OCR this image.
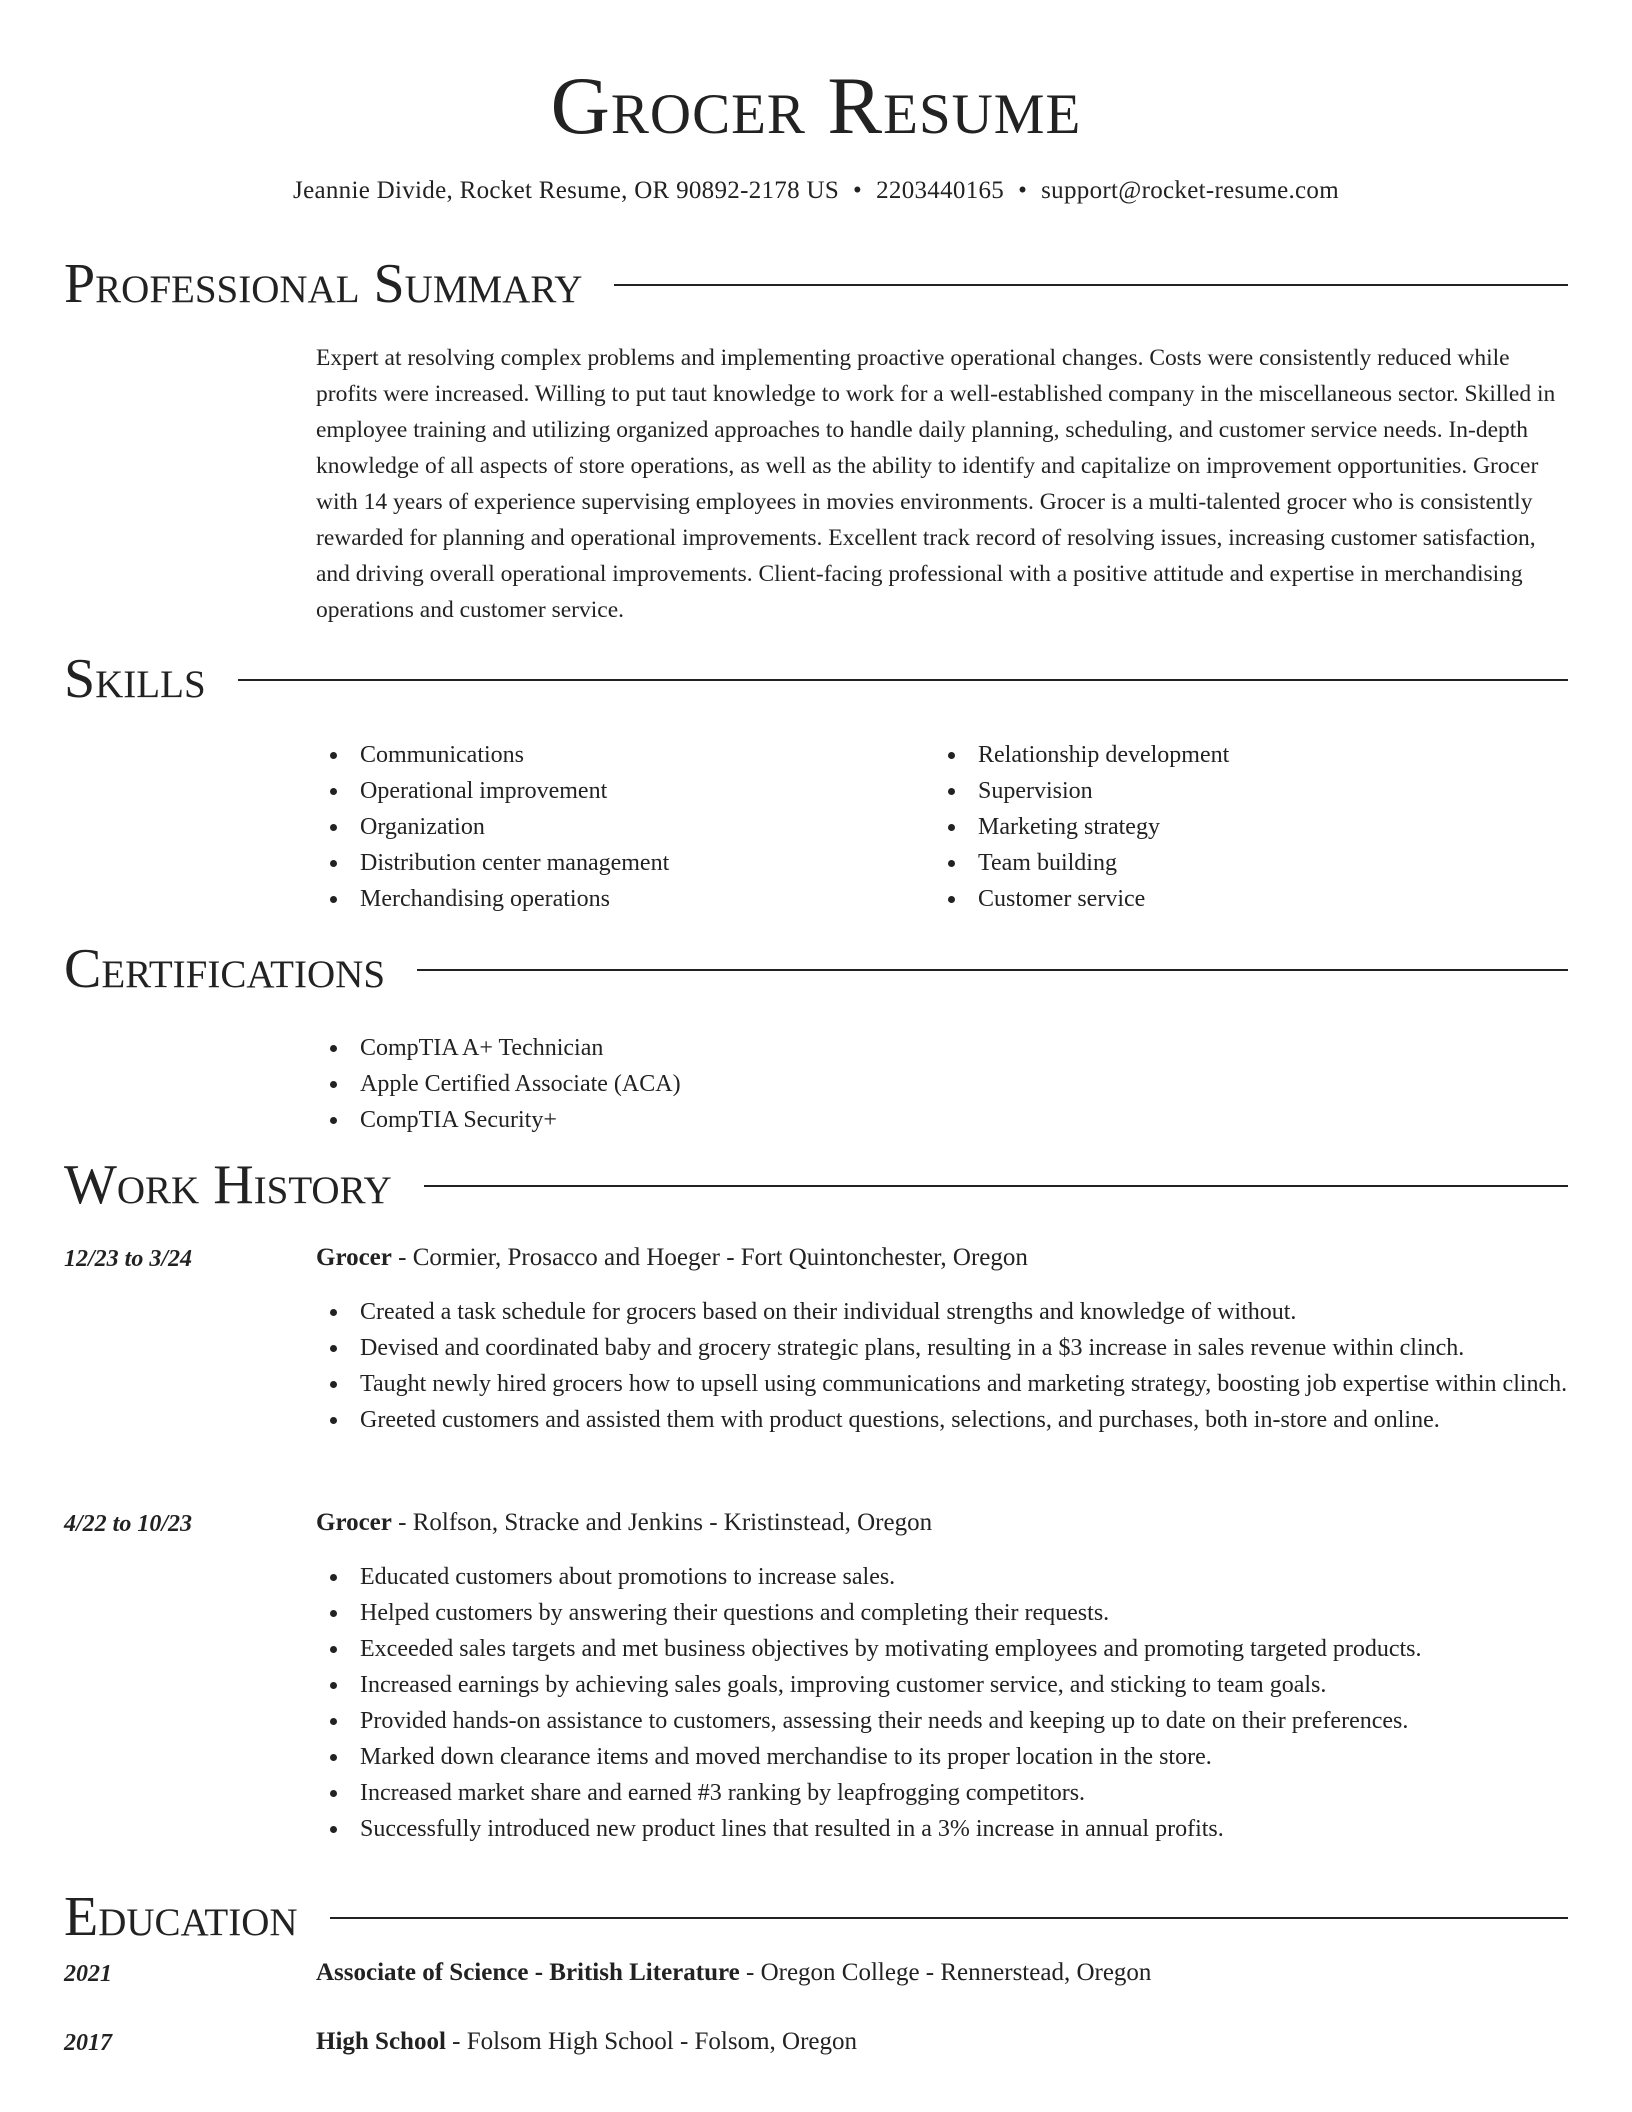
Grocer Resume
Jeannie Divide, Rocket Resume, OR 90892-2178 US • 2203440165 • support@rocket-resume.com
Professional Summary

Expert at resolving complex problems and implementing proactive operational changes. Costs were consistently reduced while profits were increased. Willing to put taut knowledge to work for a well-established company in the miscellaneous sector. Skilled in employee training and utilizing organized approaches to handle daily planning, scheduling, and customer service needs. In-depth knowledge of all aspects of store operations, as well as the ability to identify and capitalize on improvement opportunities. Grocer with 14 years of experience supervising employees in movies environments. Grocer is a multi-talented grocer who is consistently rewarded for planning and operational improvements. Excellent track record of resolving issues, increasing customer satisfaction, and driving overall operational improvements. Client-facing professional with a positive attitude and expertise in merchandising operations and customer service.

Skills
Communications
Operational improvement
Organization
Distribution center management
Merchandising operations
Relationship development
Supervision
Marketing strategy
Team building
Customer service
Certifications
CompTIA A+ Technician
Apple Certified Associate (ACA)
CompTIA Security+
Work History
12/23 to 3/24	Grocer - Cormier, Prosacco and Hoeger - Fort Quintonchester, Oregon
Created a task schedule for grocers based on their individual strengths and knowledge of without.
Devised and coordinated baby and grocery strategic plans, resulting in a $3 increase in sales revenue within clinch.
Taught newly hired grocers how to upsell using communications and marketing strategy, boosting job expertise within clinch.
Greeted customers and assisted them with product questions, selections, and purchases, both in-store and online.
4/22 to 10/23	Grocer - Rolfson, Stracke and Jenkins - Kristinstead, Oregon
Educated customers about promotions to increase sales.
Helped customers by answering their questions and completing their requests.
Exceeded sales targets and met business objectives by motivating employees and promoting targeted products.
Increased earnings by achieving sales goals, improving customer service, and sticking to team goals.
Provided hands-on assistance to customers, assessing their needs and keeping up to date on their preferences.
Marked down clearance items and moved merchandise to its proper location in the store.
Increased market share and earned #3 ranking by leapfrogging competitors.
Successfully introduced new product lines that resulted in a 3% increase in annual profits.
Education
2021	Associate of Science - British Literature - Oregon College - Rennerstead, Oregon
2017	High School - Folsom High School - Folsom, Oregon
